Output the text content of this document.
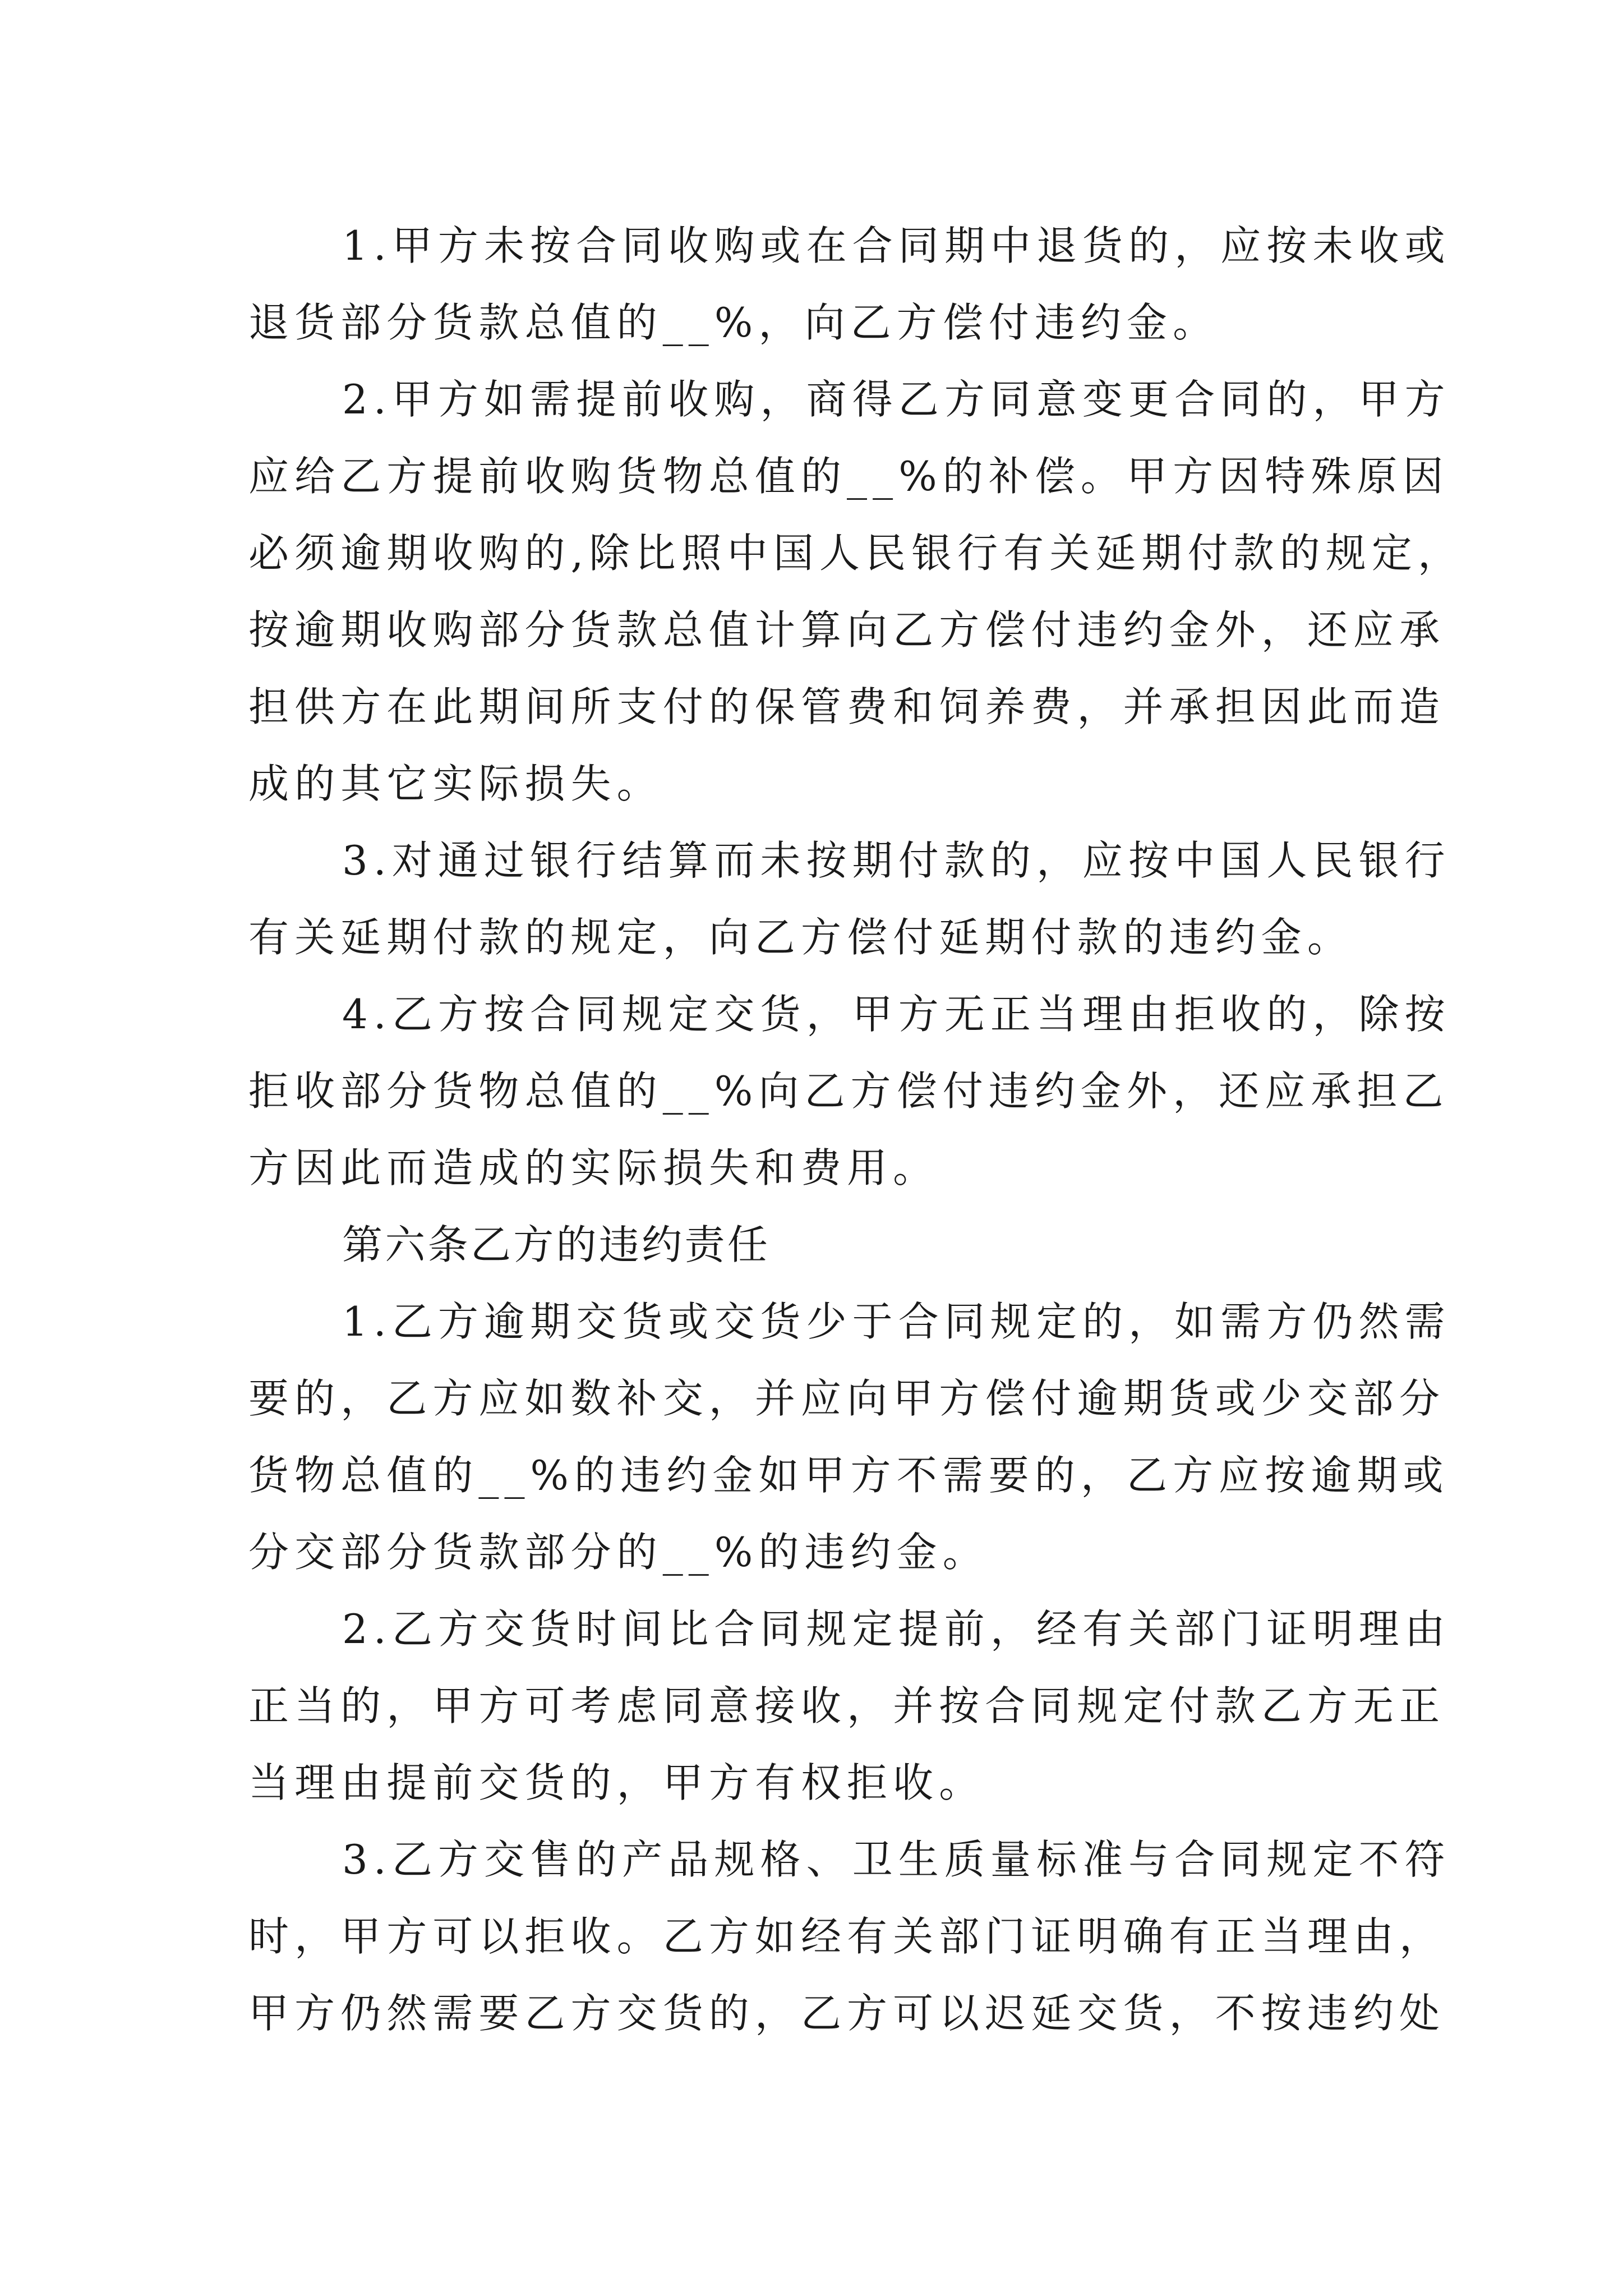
1.甲方未按合同收购或在合同期中退货的，应按未收或
退货部分货款总值的__%，向乙方偿付违约金。
2.甲方如需提前收购，商得乙方同意变更合同的，甲方
应给乙方提前收购货物总值的__%的补偿。甲方因特殊原因
必须逾期收购的,除比照中国人民银行有关延期付款的规定，
按逾期收购部分货款总值计算向乙方偿付违约金外，还应承
担供方在此期间所支付的保管费和饲养费，并承担因此而造
成的其它实际损失。
3.对通过银行结算而未按期付款的，应按中国人民银行
有关延期付款的规定，向乙方偿付延期付款的违约金。
4.乙方按合同规定交货，甲方无正当理由拒收的，除按
拒收部分货物总值的__%向乙方偿付违约金外，还应承担乙
方因此而造成的实际损失和费用。
第六条乙方的违约责任
1.乙方逾期交货或交货少于合同规定的，如需方仍然需
要的，乙方应如数补交，并应向甲方偿付逾期货或少交部分
货物总值的__%的违约金如甲方不需要的，乙方应按逾期或
分交部分货款部分的__%的违约金。
2.乙方交货时间比合同规定提前，经有关部门证明理由
正当的，甲方可考虑同意接收，并按合同规定付款乙方无正
当理由提前交货的，甲方有权拒收。
3.乙方交售的产品规格、卫生质量标准与合同规定不符
时，甲方可以拒收。乙方如经有关部门证明确有正当理由，
甲方仍然需要乙方交货的，乙方可以迟延交货，不按违约处
